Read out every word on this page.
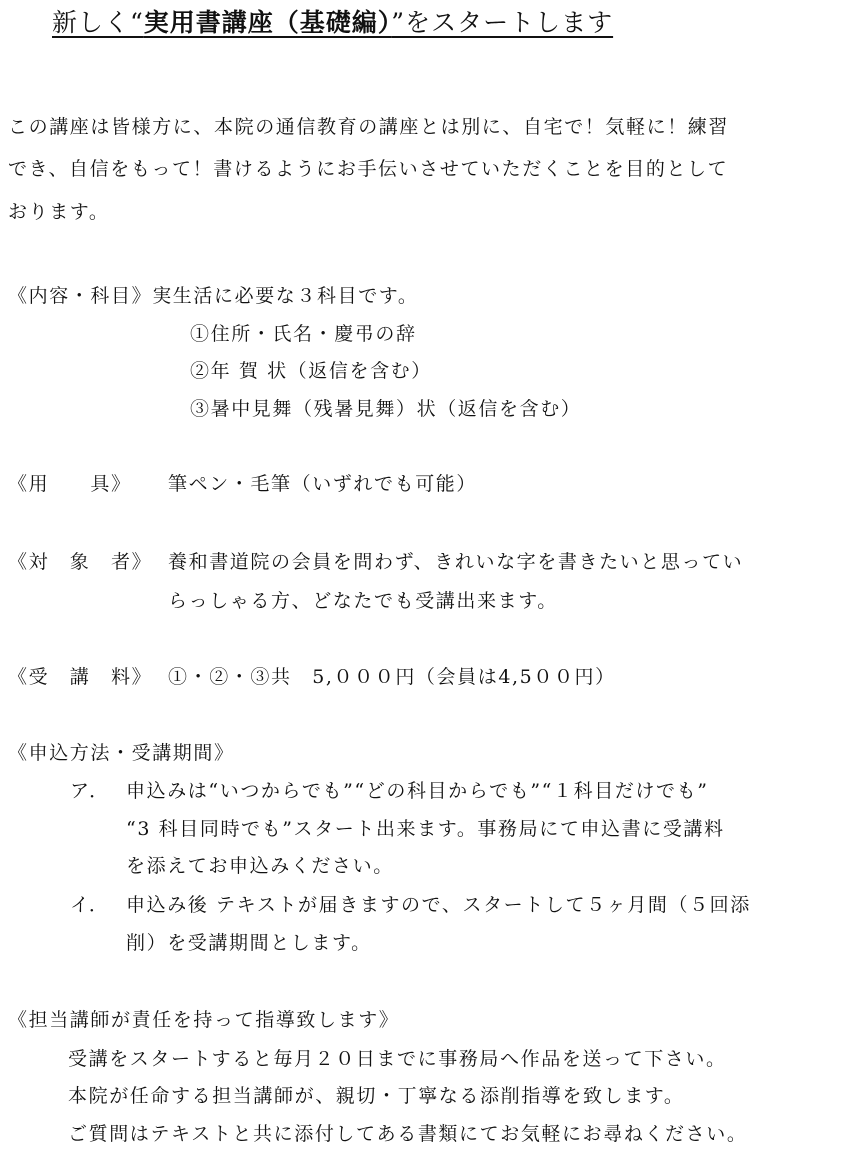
新しく“実用書講座（基礎編）”をスタートします
この講座は皆様方に、本院の通信教育の講座とは別に、自宅で！気軽に！練習
でき、自信をもって！書けるようにお手伝いさせていただくことを目的として
おります。
《内容・科目》実生活に必要な３科目です。
①住所・氏名・慶弔の辞
②年 賀 状（返信を含む）
③暑中見舞（残暑見舞）状（返信を含む）
《用　　具》 筆ペン・毛筆（いずれでも可能）
《対　象　者》 養和書道院の会員を問わず、きれいな字を書きたいと思ってい
らっしゃる方、どなたでも受講出来ます。
《受　講　料》 ①・②・③共　5,０００円（会員は4,5００円）
《申込方法・受講期間》
ア． 申込みは“いつからでも”“どの科目からでも”“１科目だけでも”
“3 科目同時でも”スタート出来ます。事務局にて申込書に受講料
を添えてお申込みください。
イ． 申込み後 テキストが届きますので、スタートして５ヶ月間（５回添
削）を受講期間とします。
《担当講師が責任を持って指導致します》
受講をスタートすると毎月２０日までに事務局へ作品を送って下さい。
本院が任命する担当講師が、親切・丁寧なる添削指導を致します。
ご質問はテキストと共に添付してある書類にてお気軽にお尋ねください。
